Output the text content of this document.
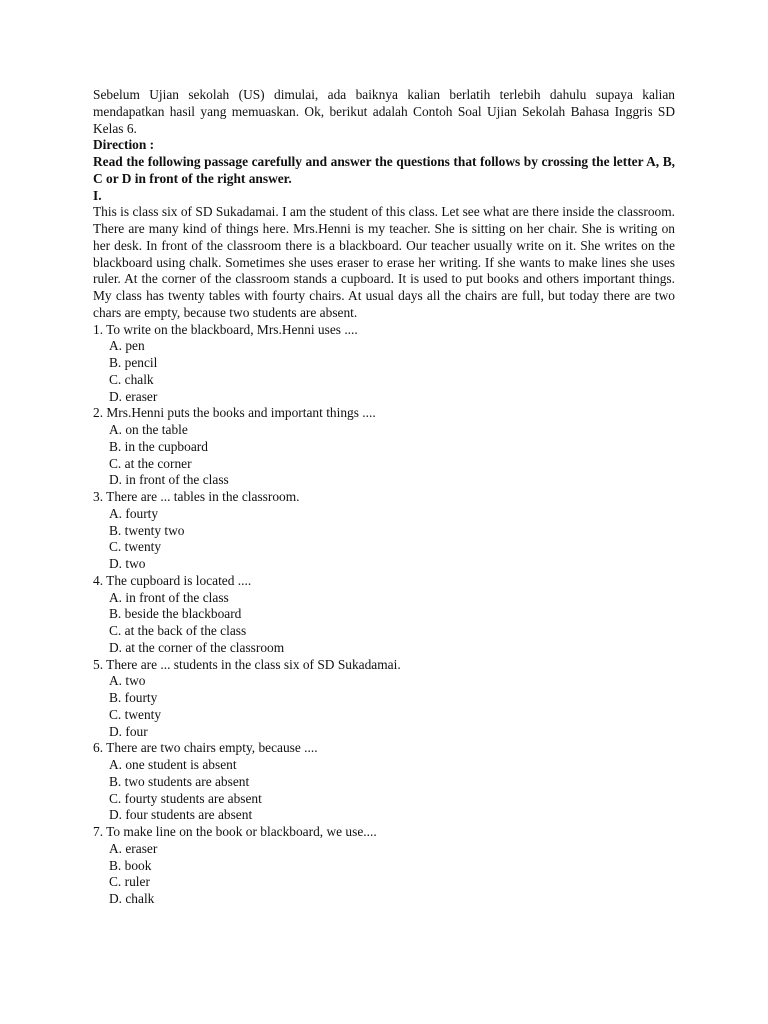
Sebelum Ujian sekolah (US) dimulai, ada baiknya kalian berlatih terlebih dahulu supaya kalian mendapatkan hasil yang memuaskan. Ok, berikut adalah Contoh Soal Ujian Sekolah Bahasa Inggris SD Kelas 6.

Direction :

Read the following passage carefully and answer the questions that follows by crossing the letter A, B, C or D in front of the right answer.

I.

This is class six of SD Sukadamai. I am the student of this class. Let see what are there inside the classroom. There are many kind of things here. Mrs.Henni is my teacher. She is sitting on her chair. She is writing on her desk. In front of the classroom there is a blackboard. Our teacher usually write on it. She writes on the blackboard using chalk. Sometimes she uses eraser to erase her writing. If she wants to make lines she uses ruler. At the corner of the classroom stands a cupboard. It is used to put books and others important things. My class has twenty tables with fourty chairs. At usual days all the chairs are full, but today there are two chars are empty, because two students are absent.

1. To write on the blackboard, Mrs.Henni uses ....
A. pen
B. pencil
C. chalk
D. eraser
2. Mrs.Henni puts the books and important things ....
A. on the table
B. in the cupboard
C. at the corner
D. in front of the class
3. There are ... tables in the classroom.
A. fourty
B. twenty two
C. twenty
D. two
4. The cupboard is located ....
A. in front of the class
B. beside the blackboard
C. at the back of the class
D. at the corner of the classroom
5. There are ... students in the class six of SD Sukadamai.
A. two
B. fourty
C. twenty
D. four
6. There are two chairs empty, because ....
A. one student is absent
B. two students are absent
C. fourty students are absent
D. four students are absent
7. To make line on the book or blackboard, we use....
A. eraser
B. book
C. ruler
D. chalk
